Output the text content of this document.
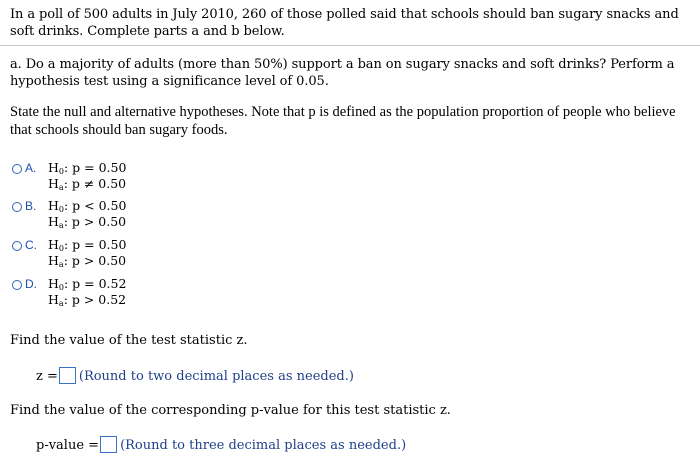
In a poll of 500 adults in July 2010, 260 of those polled said that schools should ban sugary snacks and soft drinks. Complete parts a and b below.
a. Do a majority of adults (more than 50%) support a ban on sugary snacks and soft drinks? Perform a hypothesis test using a significance level of 0.05.
State the null and alternative hypotheses. Note that p is defined as the population proportion of people who believe that schools should ban sugary foods.
A. $H_0$: p = 0.50
$H_a$: p ≠ 0.50
B. $H_0$: p < 0.50
$H_a$: p > 0.50
C. $H_0$: p = 0.50
$H_a$: p > 0.50
D. $H_0$: p = 0.52
$H_a$: p > 0.52
Find the value of the test statistic z.
z = (Round to two decimal places as needed.)
Find the value of the corresponding p-value for this test statistic z.
p-value = (Round to three decimal places as needed.)
